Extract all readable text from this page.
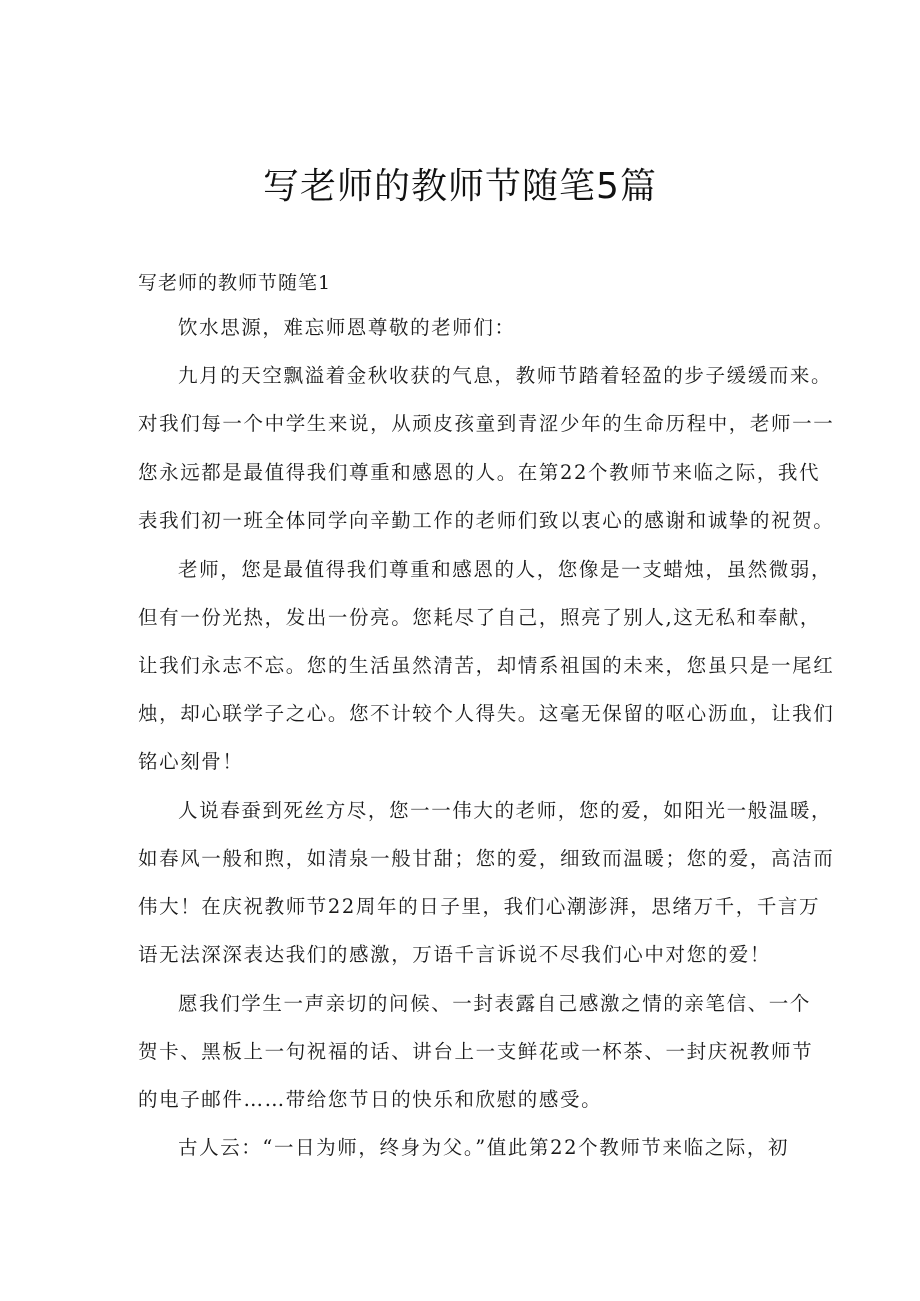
写老师的教师节随笔5篇

写老师的教师节随笔1

饮水思源，难忘师恩尊敬的老师们：

九月的天空飘溢着金秋收获的气息，教师节踏着轻盈的步子缓缓而来。

对我们每一个中学生来说，从顽皮孩童到青涩少年的生命历程中，老师一一

您永远都是最值得我们尊重和感恩的人。在第22个教师节来临之际，我代

表我们初一班全体同学向辛勤工作的老师们致以衷心的感谢和诚挚的祝贺。

老师，您是最值得我们尊重和感恩的人，您像是一支蜡烛，虽然微弱，

但有一份光热，发出一份亮。您耗尽了自己，照亮了别人,这无私和奉献，

让我们永志不忘。您的生活虽然清苦，却情系祖国的未来，您虽只是一尾红

烛，却心联学子之心。您不计较个人得失。这毫无保留的呕心沥血，让我们

铭心刻骨！

人说春蚕到死丝方尽，您一一伟大的老师，您的爱，如阳光一般温暖，

如春风一般和煦，如清泉一般甘甜；您的爱，细致而温暖；您的爱，高洁而

伟大！在庆祝教师节22周年的日子里，我们心潮澎湃，思绪万千，千言万

语无法深深表达我们的感激，万语千言诉说不尽我们心中对您的爱！

愿我们学生一声亲切的问候、一封表露自己感激之情的亲笔信、一个

贺卡、黑板上一句祝福的话、讲台上一支鲜花或一杯茶、一封庆祝教师节

的电子邮件……带给您节日的快乐和欣慰的感受。

古人云：“一日为师，终身为父。”值此第22个教师节来临之际，初
